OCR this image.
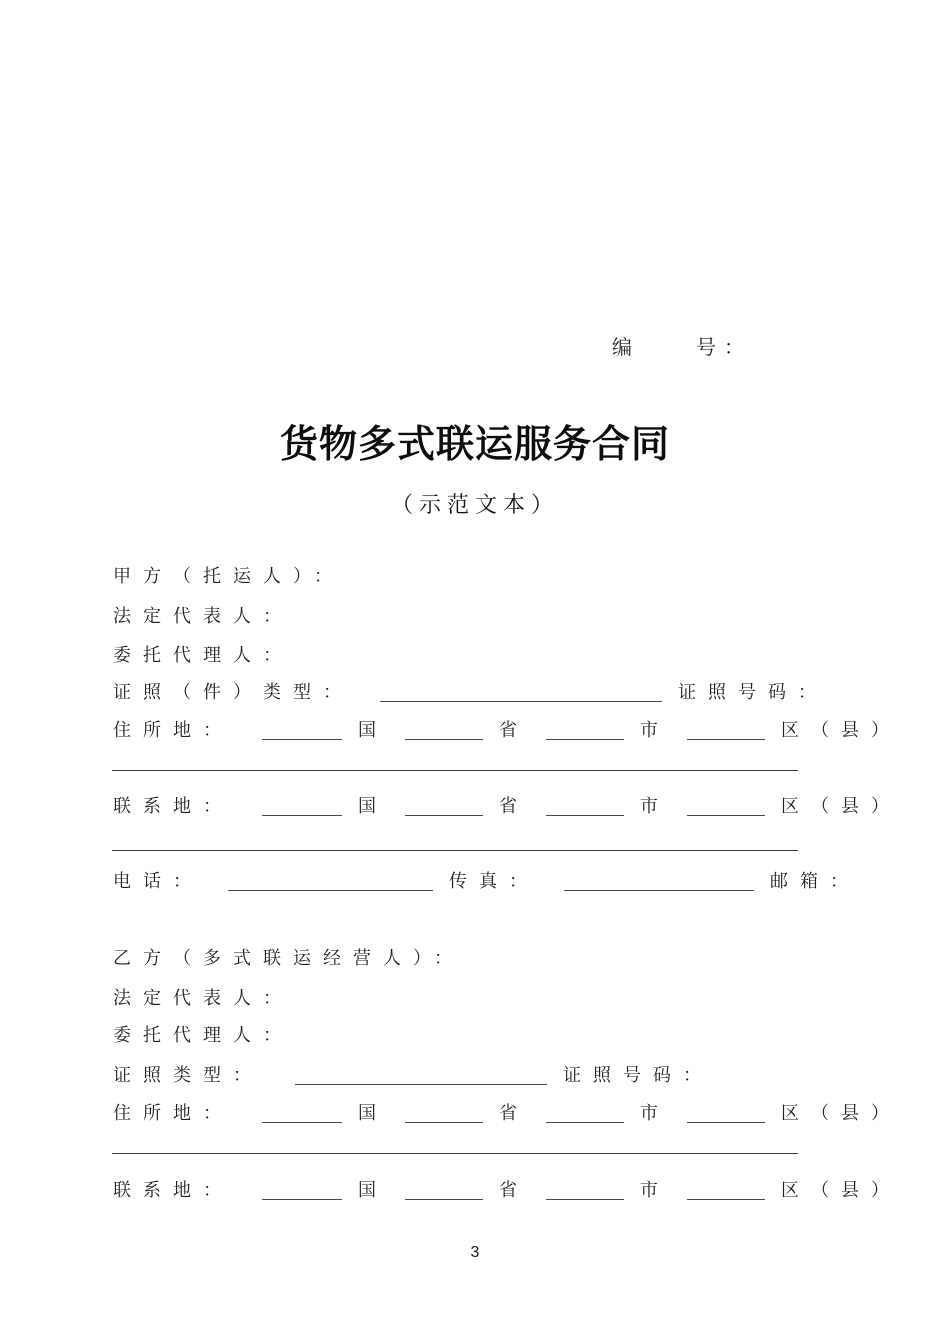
编　　号：
货物多式联运服务合同
（示范文本）
甲方（托运人）：
法定代表人：
委托代理人：
证照（件）类型：	证照号码：
住所地：	国	省	市	区（县）
联系地：	国	省	市	区（县）
电话：	传真：	邮箱：
乙方（多式联运经营人）：
法定代表人：
委托代理人：
证照类型：	证照号码：
住所地：	国	省	市	区（县）
联系地：	国	省	市	区（县）
3
